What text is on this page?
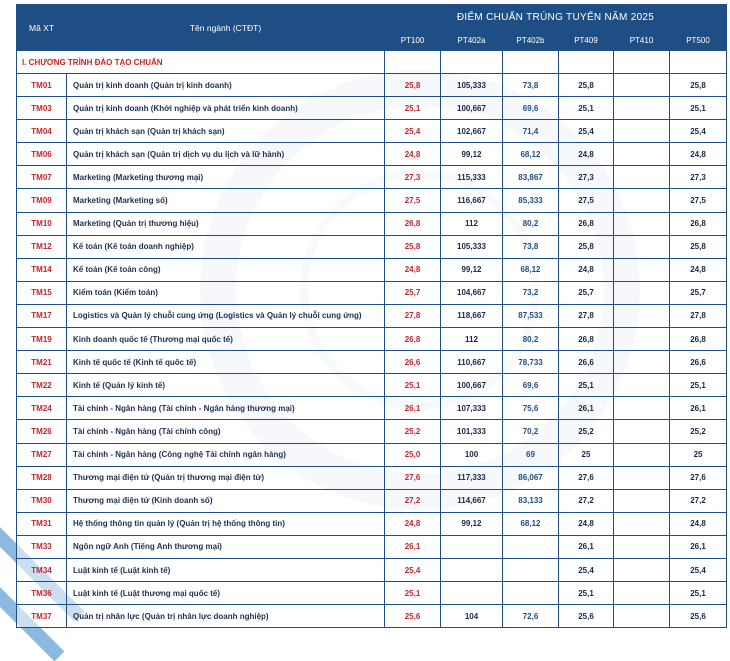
Mã XT	Tên ngành (CTĐT)	ĐIỂM CHUẨN TRÚNG TUYỂN NĂM 2025					
		PT100	PT402a	PT402b	PT409	PT410	PT500
I. CHƯƠNG TRÌNH ĐÀO TẠO CHUẨN							
TM01	Quản trị kinh doanh (Quản trị kinh doanh)	25,8	105,333	73,8	25,8		25,8
TM03	Quản trị kinh doanh (Khởi nghiệp và phát triển kinh doanh)	25,1	100,667	69,6	25,1		25,1
TM04	Quản trị khách sạn (Quản trị khách sạn)	25,4	102,667	71,4	25,4		25,4
TM06	Quản trị khách sạn (Quản trị dịch vụ du lịch và lữ hành)	24,8	99,12	68,12	24,8		24,8
TM07	Marketing (Marketing thương mại)	27,3	115,333	83,867	27,3		27,3
TM09	Marketing (Marketing số)	27,5	116,667	85,333	27,5		27,5
TM10	Marketing (Quản trị thương hiệu)	26,8	112	80,2	26,8		26,8
TM12	Kế toán (Kế toán doanh nghiệp)	25,8	105,333	73,8	25,8		25,8
TM14	Kế toán (Kế toán công)	24,8	99,12	68,12	24,8		24,8
TM15	Kiểm toán (Kiểm toán)	25,7	104,667	73,2	25,7		25,7
TM17	Logistics và Quản lý chuỗi cung ứng (Logistics và Quản lý chuỗi cung ứng)	27,8	118,667	87,533	27,8		27,8
TM19	Kinh doanh quốc tế (Thương mại quốc tế)	26,8	112	80,2	26,8		26,8
TM21	Kinh tế quốc tế (Kinh tế quốc tế)	26,6	110,667	78,733	26,6		26,6
TM22	Kinh tế (Quản lý kinh tế)	25,1	100,667	69,6	25,1		25,1
TM24	Tài chính - Ngân hàng (Tài chính - Ngân hàng thương mại)	26,1	107,333	75,6	26,1		26,1
TM26	Tài chính - Ngân hàng (Tài chính công)	25,2	101,333	70,2	25,2		25,2
TM27	Tài chính - Ngân hàng (Công nghệ Tài chính ngân hàng)	25,0	100	69	25		25
TM28	Thương mại điện tử (Quản trị thương mại điện tử)	27,6	117,333	86,067	27,6		27,6
TM30	Thương mại điện tử (Kinh doanh số)	27,2	114,667	83,133	27,2		27,2
TM31	Hệ thống thông tin quản lý (Quản trị hệ thống thông tin)	24,8	99,12	68,12	24,8		24,8
TM33	Ngôn ngữ Anh (Tiếng Anh thương mại)	26,1			26,1		26,1
TM34	Luật kinh tế (Luật kinh tế)	25,4			25,4		25,4
TM36	Luật kinh tế (Luật thương mại quốc tế)	25,1			25,1		25,1
TM37	Quản trị nhân lực (Quản trị nhân lực doanh nghiệp)	25,6	104	72,6	25,6		25,6
